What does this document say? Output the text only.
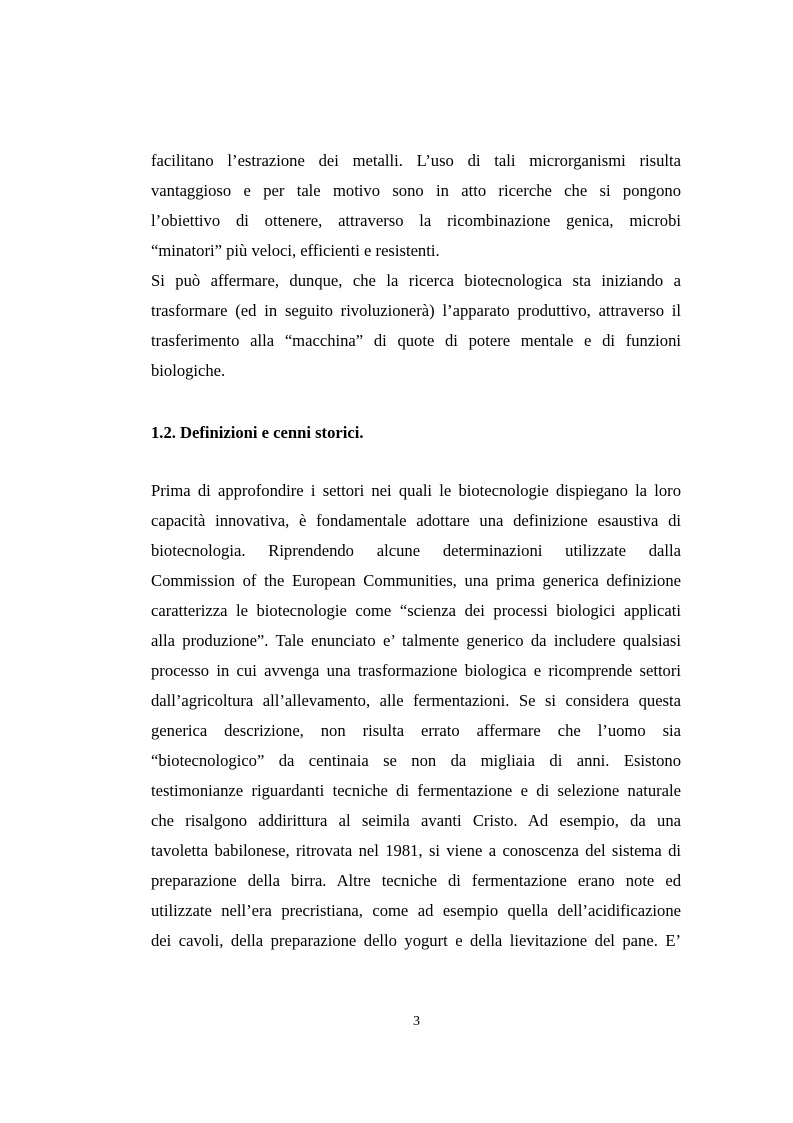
facilitano l’estrazione dei metalli. L’uso di tali microrganismi risulta
vantaggioso e per tale motivo sono in atto ricerche che si pongono
l’obiettivo di ottenere, attraverso la ricombinazione genica, microbi
“minatori” più veloci, efficienti e resistenti.

Si può affermare, dunque, che la ricerca biotecnologica sta iniziando a
trasformare (ed in seguito rivoluzionerà) l’apparato produttivo, attraverso il
trasferimento alla “macchina” di quote di potere mentale e di funzioni
biologiche.

1.2. Definizioni e cenni storici.

Prima di approfondire i settori nei quali le biotecnologie dispiegano la loro
capacità innovativa, è fondamentale adottare una definizione esaustiva di
biotecnologia. Riprendendo alcune determinazioni utilizzate dalla
Commission of the European Communities, una prima generica definizione
caratterizza le biotecnologie come “scienza dei processi biologici applicati
alla produzione”. Tale enunciato e’ talmente generico da includere qualsiasi
processo in cui avvenga una trasformazione biologica e ricomprende settori
dall’agricoltura all’allevamento, alle fermentazioni. Se si considera questa
generica descrizione, non risulta errato affermare che l’uomo sia
“biotecnologico” da centinaia se non da migliaia di anni. Esistono
testimonianze riguardanti tecniche di fermentazione e di selezione naturale
che risalgono addirittura al seimila avanti Cristo. Ad esempio, da una
tavoletta babilonese, ritrovata nel 1981, si viene a conoscenza del sistema di
preparazione della birra. Altre tecniche di fermentazione erano note ed
utilizzate nell’era precristiana, come ad esempio quella dell’acidificazione
dei cavoli, della preparazione dello yogurt e della lievitazione del pane. E’

3
